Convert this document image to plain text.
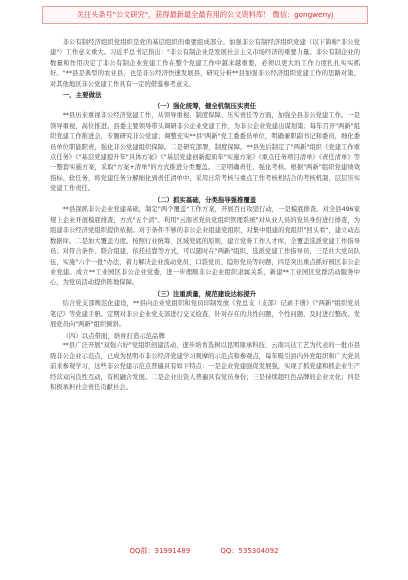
关注头条号"公文研究"，获得最新最全最有用的公文资料库！ 微信：gongwenyj

非公有制经济组织党组织是党的基层组织的重要组成部分。加强非公有制经济组织党建（以下简称"非公党建"）工作意义重大。习近平总书记指出："非公有制企业是发展社会主义市场经济的重要力量。非公有制企业的数量和作用决定了非公有制企业党建工作在整个党建工作中越来越重要，必须以更大的工作力度扎扎实实抓好。"**县是典型的农业县，也是非公经济快速发展县，研究分析**县加强非公经济组织党建工作的思路对策，对其他地区非公党建工作具有一定的借鉴参考意义。

一、主要做法

（一）强化统筹，健全机制压实责任

**县历来重视非公经济党建工作，从领导重视、制度保障、压实责任等方面，加强全县非公党建工作。一是领导重视，高位推进。县委主要领导带头调研非公企业党建工作，为非公企业党建出谋划策；每年召开"两新"组织党建工作推进会，专题研究非公党建；调整充实**县"两新"党工委委员单位，明确兼职副书记和委员，细化委员单位职能职责，强化非公党建组织保障。二是研究部署，制度保障。**县先后制定了"两新"组织《党建工作重点任务》《"基层党建提升年"具体方案》《"基层党建创新提质年"实施方案》《重点任务项目清单》《责任清单》等一整套实施方案，采取"方案+清单"的方式推进分类覆盖。三是明确责任，强化考核。根据"两新"组织党建绩效指标、软任务，将党建任务分解细化到责任清单中，采用日常考核与重点工作考核相结合的考核机制，层层压实党建工作责任。

（二）抓实基础，分类指导强推覆盖

**县深抓非公企业党建基础，制定"两个覆盖"工作方案，开展百日攻坚行动，一是模底排查。对全县496家规上企业开展模底排查，方式"五个清"。利用"云南省党员党组织管理系统"对从业人员的党员身份进行排查，为组建非公经济党组织提供依据。对于条件不够的非公企业组建党组织，对集中组建的党组织"回头看"，建立动态数据库。二是加大覆盖力度。按照行业统筹、区域兜底的原则，建立党务工作人才库，全覆盖选派党建工作指导员；对符合条件、联合组建、依托挂靠等方式，可以随时在"两新"组织、选派党建工作指导员，三是社大党员队伍，实施"六个一批"办法，着力解决企业流动党员、口袋党员、隐形党员等问题，四是突出重点抓好园区非公企业党建。成立**工业园区非公企业党委，进一步理顺非公企业组织隶属关系，新建**工业园区党群活动服务中心，为党员活动提供阵地保障。

（三）注重质量，规范建设达标提升

结合党支部规范化建设，**县向企业党组织和党员印制发放《党总支（支部）记录手册》《"两新"组织党员笔记》等党建手册。定期对非公企业党支部进行交叉检查，针对存在的共性问题，个性问题，及时进行整改。发展党员向"两新"组织倾斜。

（四）以点带面，培育打造示范品牌

**县广泛开展"双强六好"党组织创建活动，逐步培育选树以昆明鼎承科技、云南兴达工艺为代表的一批市县级非公企业示范点，已成为昆明市非公经济党建学习观摩的示范点和参观点，每年吸引县内外党组织和广大党员前来参观学习，这些非公党建示范点普遍具有如下特点：一是企业党建强促发展强，实现了抓党建和抓企业生产经营双向良性互动，有机融合发展。二是企业出资人普遍具有党员身份；三是持续超红色品牌的企业文化；四是积极承担社会责任贡献社会。

QQ群：31991489	QQ：535304092
